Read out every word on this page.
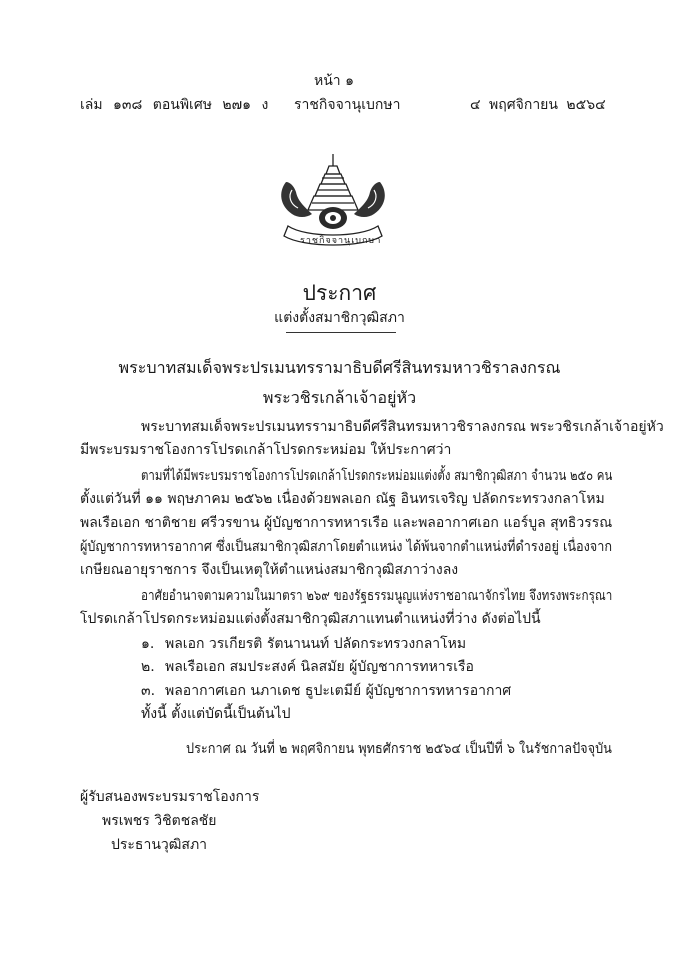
หน้า ๑
เล่ม ๑๓๘ ตอนพิเศษ ๒๗๑ ง ราชกิจจานุเบกษา	๔ พฤศจิกายน ๒๕๖๔
ราชกิจจานุเบกษา
ประกาศ
แต่งตั้งสมาชิกวุฒิสภา
พระบาทสมเด็จพระปรเมนทรรามาธิบดีศรีสินทรมหาวชิราลงกรณ
พระวชิรเกล้าเจ้าอยู่หัว
พระบาทสมเด็จพระปรเมนทรรามาธิบดีศรีสินทรมหาวชิราลงกรณ พระวชิรเกล้าเจ้าอยู่หัว
มีพระบรมราชโองการโปรดเกล้าโปรดกระหม่อม ให้ประกาศว่า
ตามที่ได้มีพระบรมราชโองการโปรดเกล้าโปรดกระหม่อมแต่งตั้ง สมาชิกวุฒิสภา จำนวน ๒๕๐ คน
ตั้งแต่วันที่ ๑๑ พฤษภาคม ๒๕๖๒ เนื่องด้วยพลเอก ณัฐ อินทรเจริญ ปลัดกระทรวงกลาโหม
พลเรือเอก ชาติชาย ศรีวรขาน ผู้บัญชาการทหารเรือ และพลอากาศเอก แอร์บูล สุทธิวรรณ
ผู้บัญชาการทหารอากาศ ซึ่งเป็นสมาชิกวุฒิสภาโดยตำแหน่ง ได้พ้นจากตำแหน่งที่ดำรงอยู่ เนื่องจาก
เกษียณอายุราชการ จึงเป็นเหตุให้ตำแหน่งสมาชิกวุฒิสภาว่างลง
อาศัยอำนาจตามความในมาตรา ๒๖๙ ของรัฐธรรมนูญแห่งราชอาณาจักรไทย จึงทรงพระกรุณา
โปรดเกล้าโปรดกระหม่อมแต่งตั้งสมาชิกวุฒิสภาแทนตำแหน่งที่ว่าง ดังต่อไปนี้
๑. พลเอก วรเกียรติ รัตนานนท์ ปลัดกระทรวงกลาโหม
๒. พลเรือเอก สมประสงค์ นิลสมัย ผู้บัญชาการทหารเรือ
๓. พลอากาศเอก นภาเดช ธูปะเตมีย์ ผู้บัญชาการทหารอากาศ
ทั้งนี้ ตั้งแต่บัดนี้เป็นต้นไป
ประกาศ ณ วันที่ ๒ พฤศจิกายน พุทธศักราช ๒๕๖๔ เป็นปีที่ ๖ ในรัชกาลปัจจุบัน
ผู้รับสนองพระบรมราชโองการ
พรเพชร วิชิตชลชัย
ประธานวุฒิสภา
